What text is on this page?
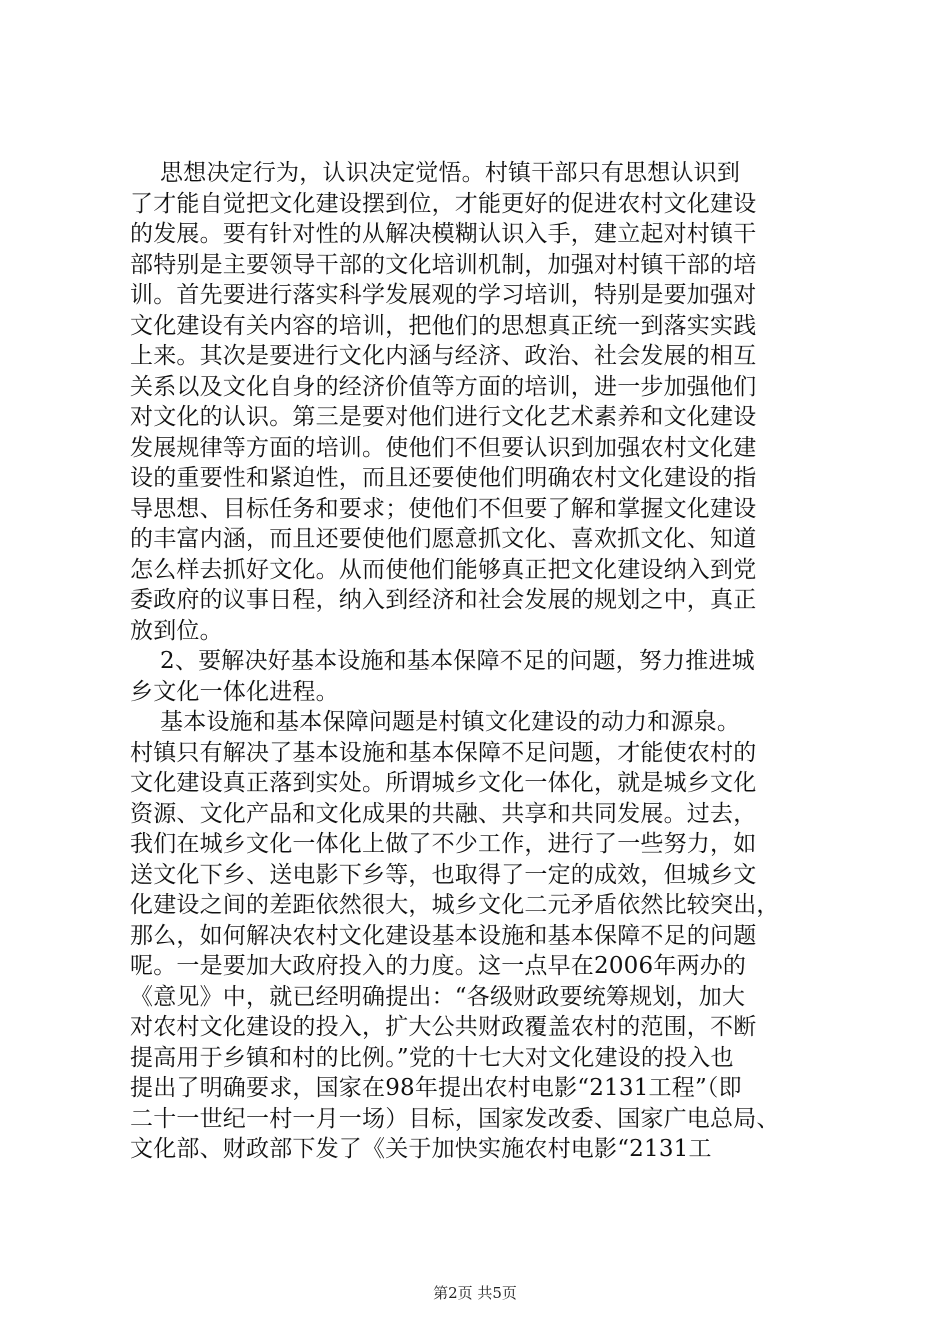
思想决定行为，认识决定觉悟。村镇干部只有思想认识到
了才能自觉把文化建设摆到位，才能更好的促进农村文化建设
的发展。要有针对性的从解决模糊认识入手，建立起对村镇干
部特别是主要领导干部的文化培训机制，加强对村镇干部的培
训。首先要进行落实科学发展观的学习培训，特别是要加强对
文化建设有关内容的培训，把他们的思想真正统一到落实实践
上来。其次是要进行文化内涵与经济、政治、社会发展的相互
关系以及文化自身的经济价值等方面的培训，进一步加强他们
对文化的认识。第三是要对他们进行文化艺术素养和文化建设
发展规律等方面的培训。使他们不但要认识到加强农村文化建
设的重要性和紧迫性，而且还要使他们明确农村文化建设的指
导思想、目标任务和要求；使他们不但要了解和掌握文化建设
的丰富内涵，而且还要使他们愿意抓文化、喜欢抓文化、知道
怎么样去抓好文化。从而使他们能够真正把文化建设纳入到党
委政府的议事日程，纳入到经济和社会发展的规划之中，真正
放到位。
2、要解决好基本设施和基本保障不足的问题，努力推进城
乡文化一体化进程。
基本设施和基本保障问题是村镇文化建设的动力和源泉。
村镇只有解决了基本设施和基本保障不足问题，才能使农村的
文化建设真正落到实处。所谓城乡文化一体化，就是城乡文化
资源、文化产品和文化成果的共融、共享和共同发展。过去，
我们在城乡文化一体化上做了不少工作，进行了一些努力，如
送文化下乡、送电影下乡等，也取得了一定的成效，但城乡文
化建设之间的差距依然很大，城乡文化二元矛盾依然比较突出，
那么，如何解决农村文化建设基本设施和基本保障不足的问题
呢。一是要加大政府投入的力度。这一点早在2006年两办的
《意见》中，就已经明确提出：“各级财政要统筹规划，加大
对农村文化建设的投入，扩大公共财政覆盖农村的范围，不断
提高用于乡镇和村的比例。”党的十七大对文化建设的投入也
提出了明确要求，国家在98年提出农村电影“2131工程”（即
二十一世纪一村一月一场）目标，国家发改委、国家广电总局、
文化部、财政部下发了《关于加快实施农村电影“2131工
第2页 共5页
